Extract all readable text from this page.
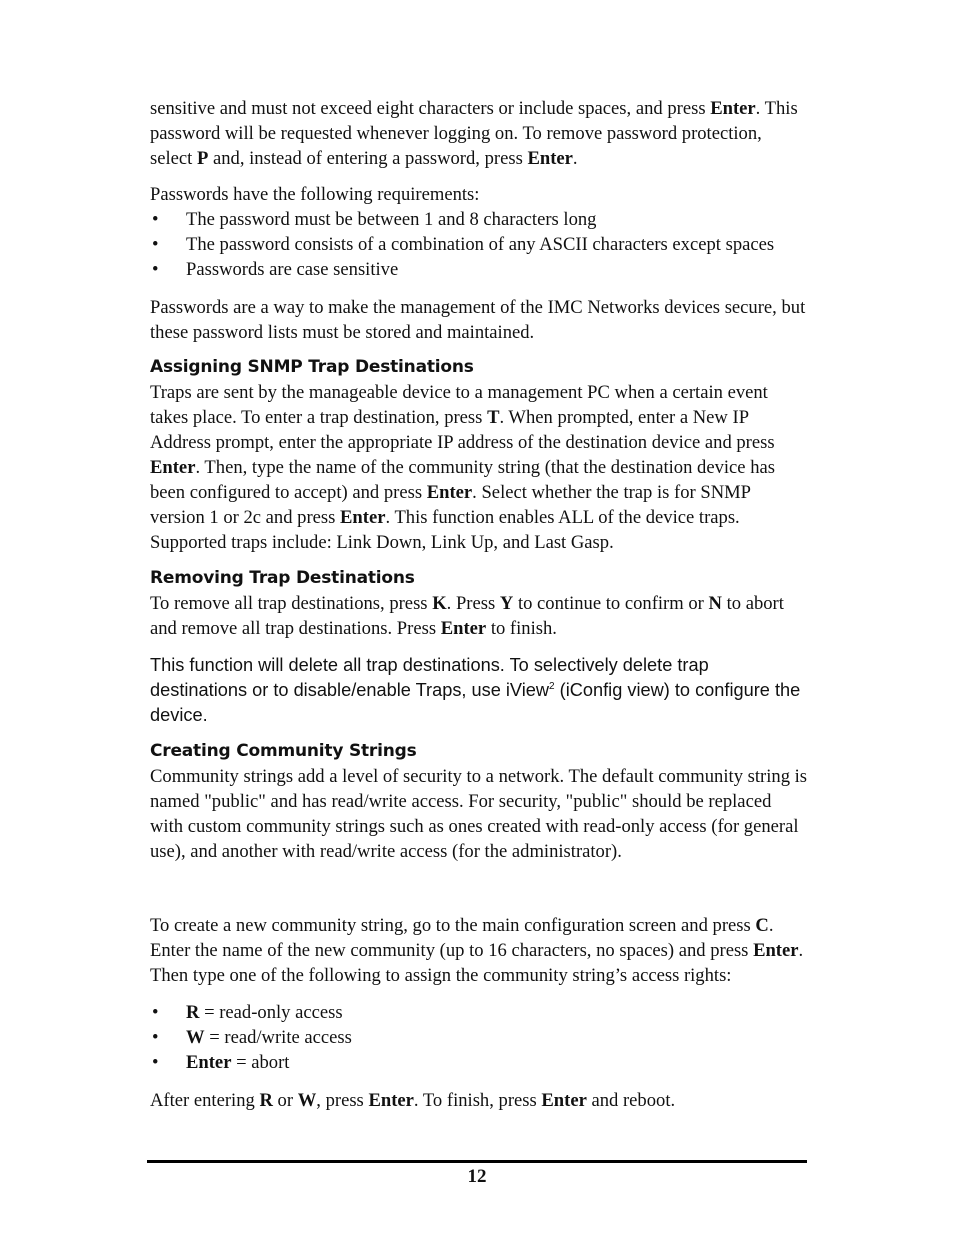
sensitive and must not exceed eight characters or include spaces, and press Enter. This password will be requested whenever logging on. To remove password protection, select P and, instead of entering a password, press Enter.

Passwords have the following requirements:

• The password must be between 1 and 8 characters long
• The password consists of a combination of any ASCII characters except spaces
• Passwords are case sensitive

Passwords are a way to make the management of the IMC Networks devices secure, but these password lists must be stored and maintained.

Assigning SNMP Trap Destinations

Traps are sent by the manageable device to a management PC when a certain event takes place. To enter a trap destination, press T. When prompted, enter a New IP Address prompt, enter the appropriate IP address of the destination device and press Enter. Then, type the name of the community string (that the destination device has been configured to accept) and press Enter. Select whether the trap is for SNMP version 1 or 2c and press Enter. This function enables ALL of the device traps. Supported traps include: Link Down, Link Up, and Last Gasp.

Removing Trap Destinations

To remove all trap destinations, press K. Press Y to continue to confirm or N to abort and remove all trap destinations. Press Enter to finish.

This function will delete all trap destinations. To selectively delete trap destinations or to disable/enable Traps, use iView$^2$ (iConfig view) to configure the device.

Creating Community Strings

Community strings add a level of security to a network. The default community string is named "public" and has read/write access. For security, "public" should be replaced with custom community strings such as ones created with read-only access (for general use), and another with read/write access (for the administrator).

To create a new community string, go to the main configuration screen and press C. Enter the name of the new community (up to 16 characters, no spaces) and press Enter. Then type one of the following to assign the community string’s access rights:

• R = read-only access
• W = read/write access
• Enter = abort

After entering R or W, press Enter. To finish, press Enter and reboot.

12
